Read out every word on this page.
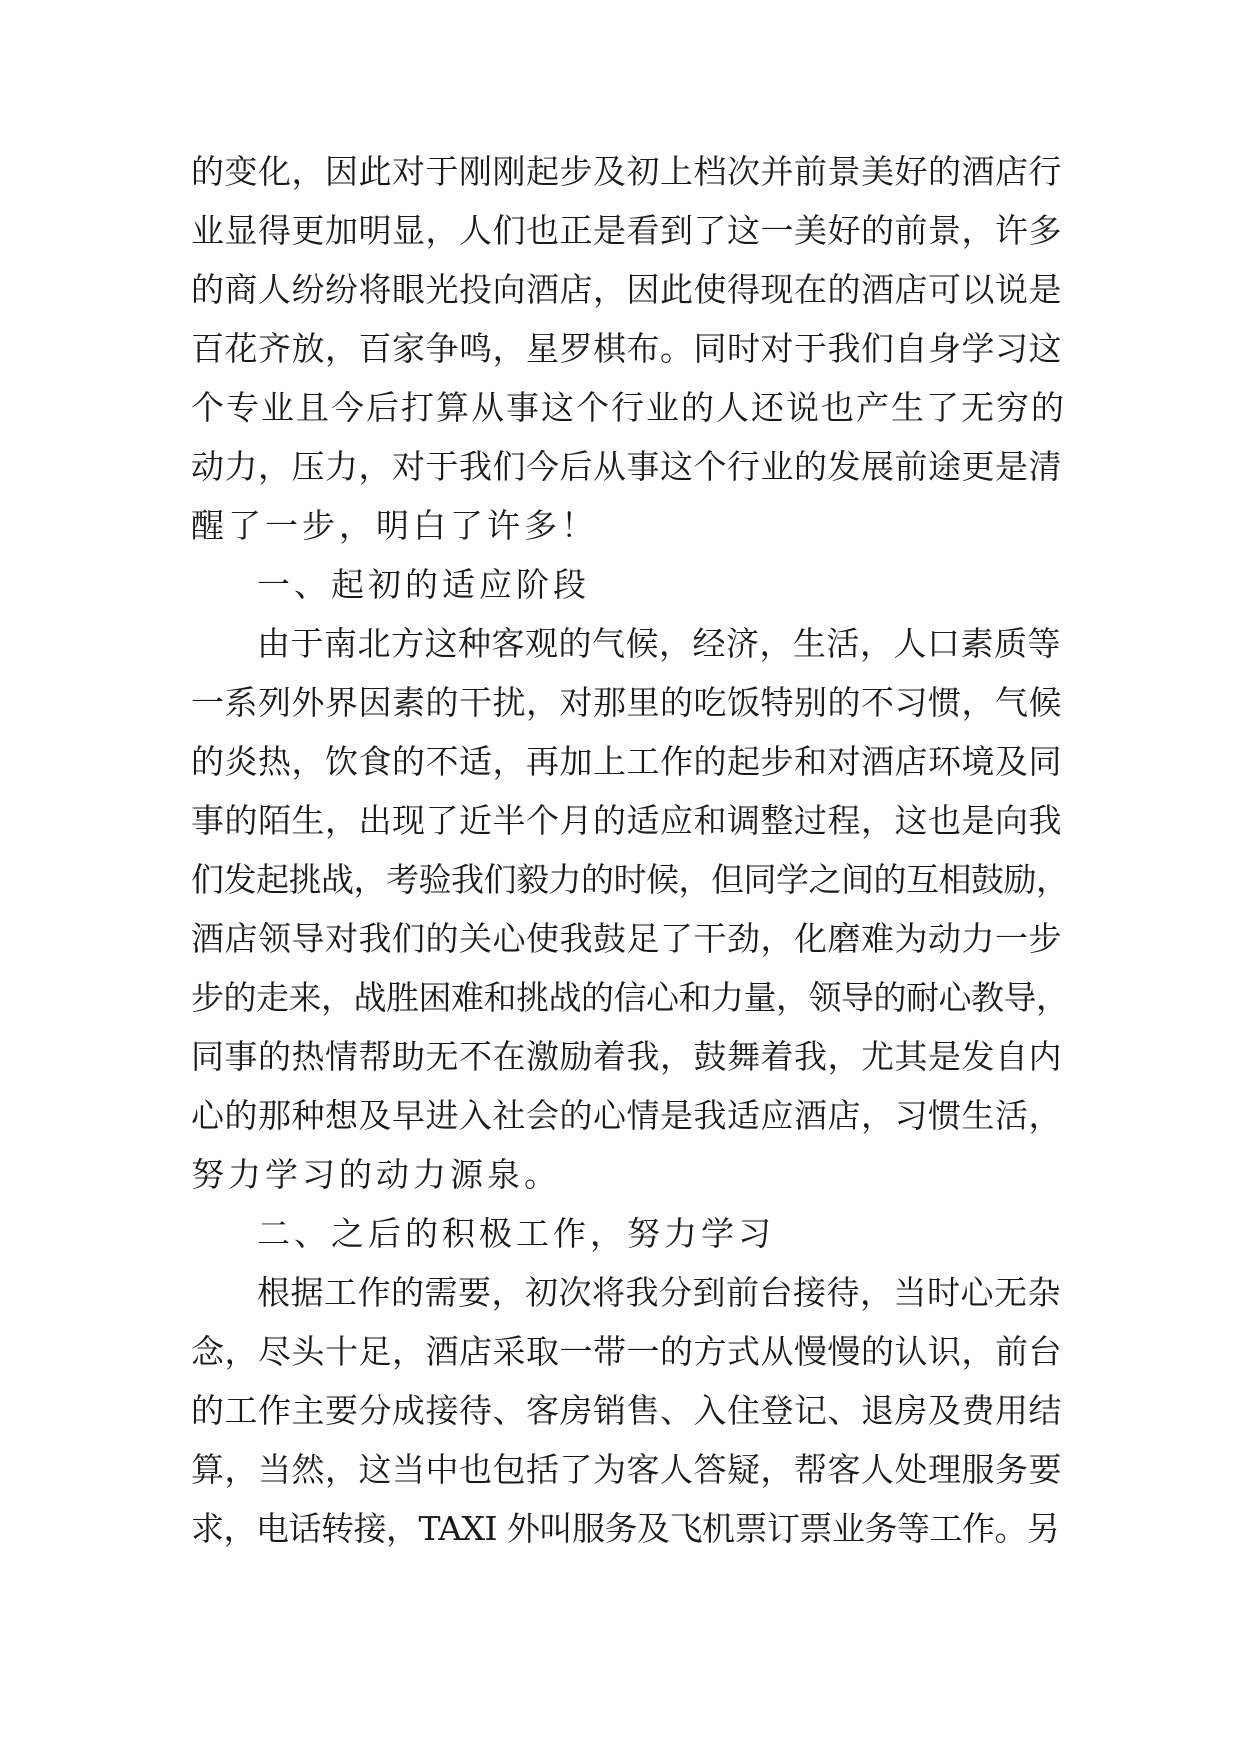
的变化，因此对于刚刚起步及初上档次并前景美好的酒店行
业显得更加明显，人们也正是看到了这一美好的前景，许多
的商人纷纷将眼光投向酒店，因此使得现在的酒店可以说是
百花齐放，百家争鸣，星罗棋布。同时对于我们自身学习这
个专业且今后打算从事这个行业的人还说也产生了无穷的
动力，压力，对于我们今后从事这个行业的发展前途更是清
醒了一步，明白了许多！
一、起初的适应阶段
由于南北方这种客观的气候，经济，生活，人口素质等
一系列外界因素的干扰，对那里的吃饭特别的不习惯，气候
的炎热，饮食的不适，再加上工作的起步和对酒店环境及同
事的陌生，出现了近半个月的适应和调整过程，这也是向我
们发起挑战，考验我们毅力的时候，但同学之间的互相鼓励，
酒店领导对我们的关心使我鼓足了干劲，化磨难为动力一步
步的走来，战胜困难和挑战的信心和力量，领导的耐心教导，
同事的热情帮助无不在激励着我，鼓舞着我，尤其是发自内
心的那种想及早进入社会的心情是我适应酒店，习惯生活，
努力学习的动力源泉。
二、之后的积极工作，努力学习
根据工作的需要，初次将我分到前台接待，当时心无杂
念，尽头十足，酒店采取一带一的方式从慢慢的认识，前台
的工作主要分成接待、客房销售、入住登记、退房及费用结
算，当然，这当中也包括了为客人答疑，帮客人处理服务要
求，电话转接，TAXI 外叫服务及飞机票订票业务等工作。另
